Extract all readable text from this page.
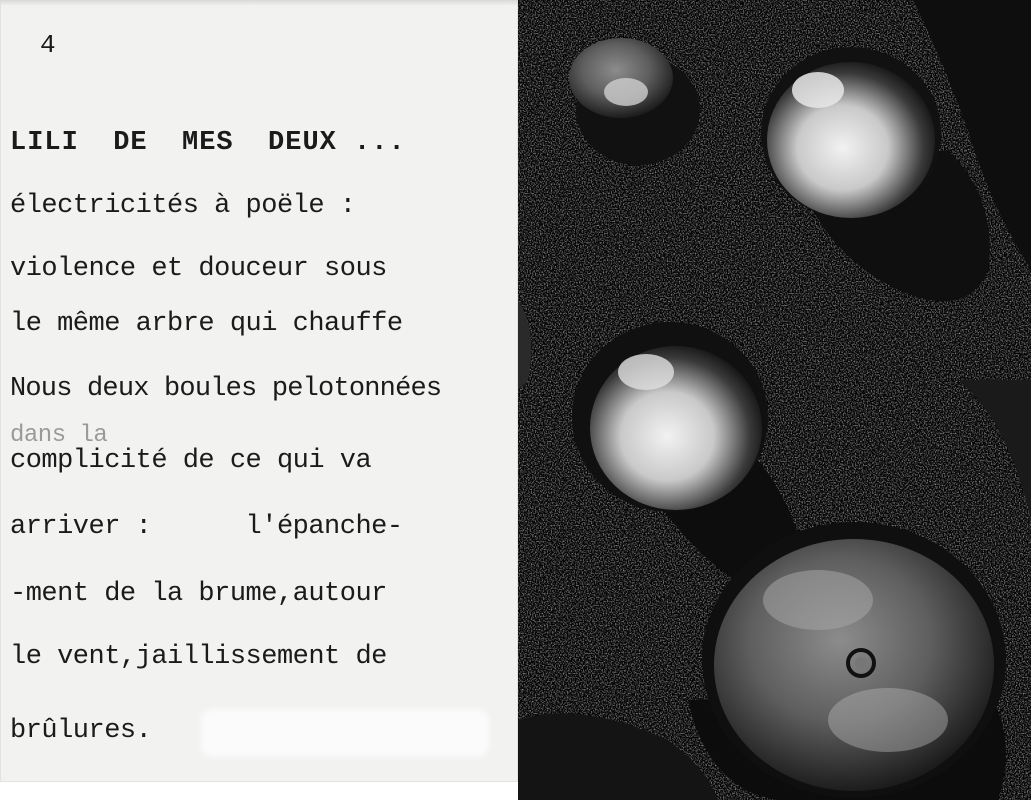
4

LILI  DE  MES  DEUX ...

électricités à poële :

violence et douceur sous

le même arbre qui chauffe

Nous deux boules pelotonnées

dans la

complicité de ce qui va

arriver :      l'épanche-

-ment de la brume,autour

le vent,jaillissement de

brûlures.
